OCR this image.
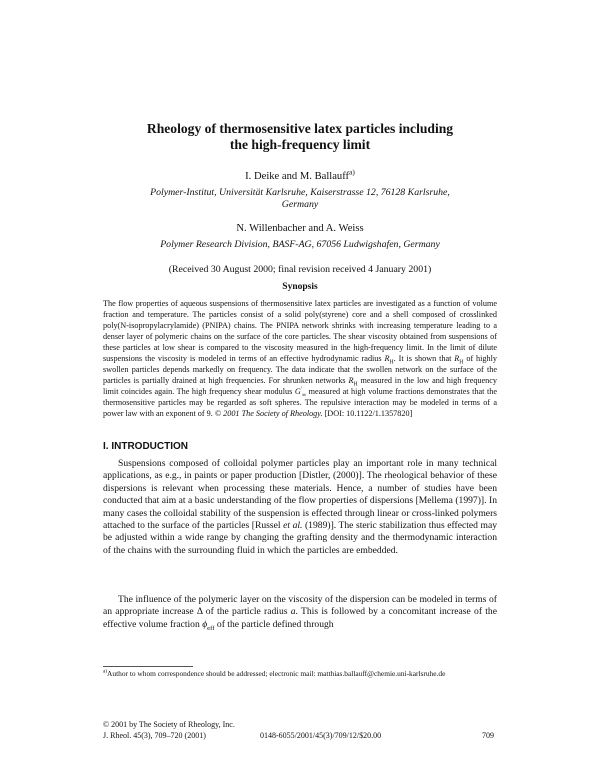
Rheology of thermosensitive latex particles including
the high-frequency limit
I. Deike and M. Ballauff$^{a)}$
Polymer-Institut, Universität Karlsruhe, Kaiserstrasse 12, 76128 Karlsruhe,
Germany
N. Willenbacher and A. Weiss
Polymer Research Division, BASF-AG, 67056 Ludwigshafen, Germany
(Received 30 August 2000; final revision received 4 January 2001)
Synopsis

The flow properties of aqueous suspensions of thermosensitive latex particles are investigated as a function of volume fraction and temperature. The particles consist of a solid poly(styrene) core and a shell composed of crosslinked poly(N-isopropylacrylamide) (PNIPA) chains. The PNIPA network shrinks with increasing temperature leading to a denser layer of polymeric chains on the surface of the core particles. The shear viscosity obtained from suspensions of these particles at low shear is compared to the viscosity measured in the high-frequency limit. In the limit of dilute suspensions the viscosity is modeled in terms of an effective hydrodynamic radius $R_H$. It is shown that $R_H$ of highly swollen particles depends markedly on frequency. The data indicate that the swollen network on the surface of the particles is partially drained at high frequencies. For shrunken networks $R_H$ measured in the low and high frequency limit coincides again. The high frequency shear modulus $G'_\infty$ measured at high volume fractions demonstrates that the thermosensitive particles may be regarded as soft spheres. The repulsive interaction may be modeled in terms of a power law with an exponent of 9. © 2001 The Society of Rheology. [DOI: 10.1122/1.1357820]

I. INTRODUCTION

Suspensions composed of colloidal polymer particles play an important role in many technical applications, as e.g., in paints or paper production [Distler, (2000)]. The rheological behavior of these dispersions is relevant when processing these materials. Hence, a number of studies have been conducted that aim at a basic understanding of the flow properties of dispersions [Mellema (1997)]. In many cases the colloidal stability of the suspension is effected through linear or cross-linked polymers attached to the surface of the particles [Russel et al. (1989)]. The steric stabilization thus effected may be adjusted within a wide range by changing the grafting density and the thermodynamic interaction of the chains with the surrounding fluid in which the particles are embedded.

The influence of the polymeric layer on the viscosity of the dispersion can be modeled in terms of an appropriate increase Δ of the particle radius a. This is followed by a concomitant increase of the effective volume fraction $\phi_{eff}$ of the particle defined through

$^{a)}$Author to whom correspondence should be addressed; electronic mail: matthias.ballauff@chemie.uni-karlsruhe.de

© 2001 by The Society of Rheology, Inc.
J. Rheol. 45(3), 709–720 (2001)	0148-6055/2001/45(3)/709/12/$20.00	709
